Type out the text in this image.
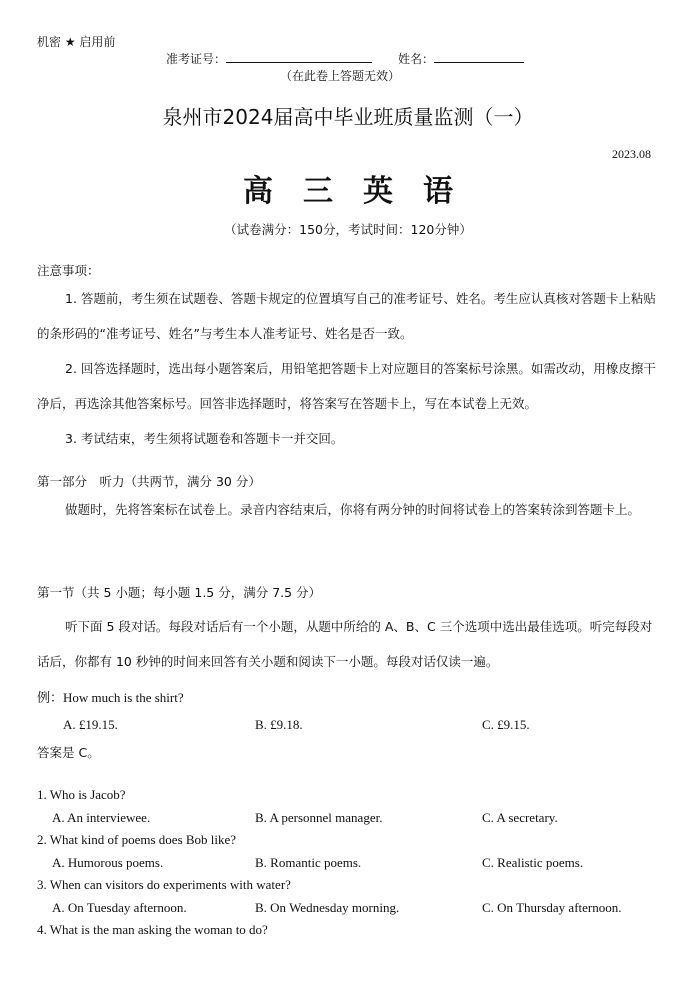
机密 ★ 启用前
准考证号：	姓名：
（在此卷上答题无效）
泉州市2024届高中毕业班质量监测（一）
2023.08
高　三　英　语
（试卷满分：150分，考试时间：120分钟）
注意事项：
1. 答题前，考生须在试题卷、答题卡规定的位置填写自己的准考证号、姓名。考生应认真核对答题卡上粘贴的条形码的“准考证号、姓名”与考生本人准考证号、姓名是否一致。
2. 回答选择题时，选出每小题答案后，用铅笔把答题卡上对应题目的答案标号涂黑。如需改动，用橡皮擦干净后，再选涂其他答案标号。回答非选择题时，将答案写在答题卡上，写在本试卷上无效。
3. 考试结束，考生须将试题卷和答题卡一并交回。
第一部分　听力（共两节，满分 30 分）
做题时，先将答案标在试卷上。录音内容结束后，你将有两分钟的时间将试卷上的答案转涂到答题卡上。
第一节（共 5 小题；每小题 1.5 分，满分 7.5 分）
听下面 5 段对话。每段对话后有一个小题，从题中所给的 A、B、C 三个选项中选出最佳选项。听完每段对话后，你都有 10 秒钟的时间来回答有关小题和阅读下一小题。每段对话仅读一遍。
例：How much is the shirt?
A. £19.15.	B. £9.18.	C. £9.15.
答案是 C。
1. Who is Jacob?
A. An interviewee.	B. A personnel manager.	C. A secretary.
2. What kind of poems does Bob like?
A. Humorous poems.	B. Romantic poems.	C. Realistic poems.
3. When can visitors do experiments with water?
A. On Tuesday afternoon.	B. On Wednesday morning.	C. On Thursday afternoon.
4. What is the man asking the woman to do?
